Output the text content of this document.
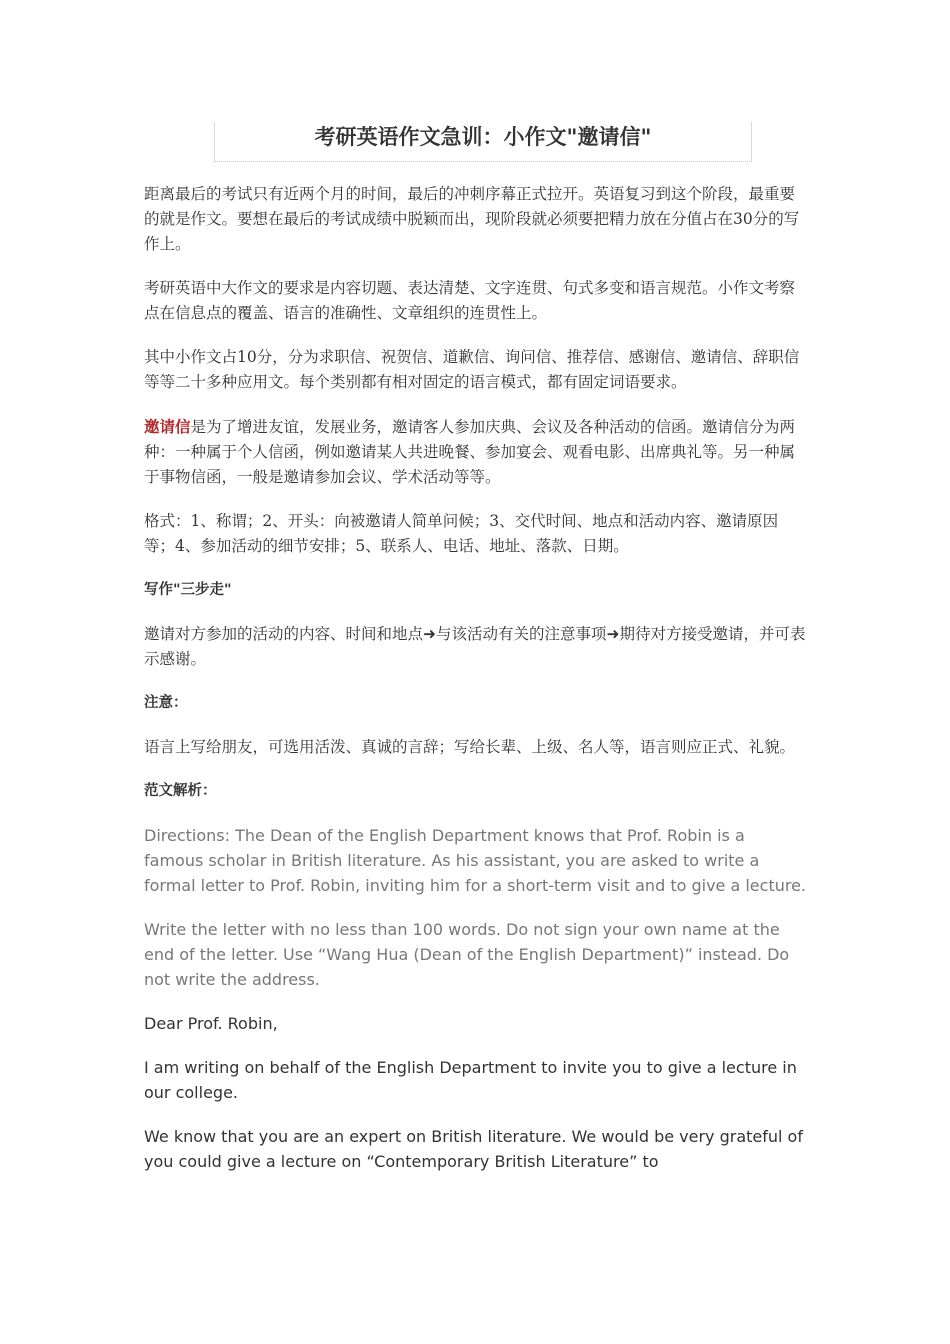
考研英语作文急训：小作文"邀请信"

距离最后的考试只有近两个月的时间，最后的冲刺序幕正式拉开。英语复习到这个阶段，最重要的就是作文。要想在最后的考试成绩中脱颖而出，现阶段就必须要把精力放在分值占在30分的写作上。

考研英语中大作文的要求是内容切题、表达清楚、文字连贯、句式多变和语言规范。小作文考察点在信息点的覆盖、语言的准确性、文章组织的连贯性上。

其中小作文占10分，分为求职信、祝贺信、道歉信、询问信、推荐信、感谢信、邀请信、辞职信等等二十多种应用文。每个类别都有相对固定的语言模式，都有固定词语要求。

邀请信是为了增进友谊，发展业务，邀请客人参加庆典、会议及各种活动的信函。邀请信分为两种：一种属于个人信函，例如邀请某人共进晚餐、参加宴会、观看电影、出席典礼等。另一种属于事物信函，一般是邀请参加会议、学术活动等等。

格式：1、称谓；2、开头：向被邀请人简单问候；3、交代时间、地点和活动内容、邀请原因等；4、参加活动的细节安排；5、联系人、电话、地址、落款、日期。

写作"三步走"

邀请对方参加的活动的内容、时间和地点➜与该活动有关的注意事项➜期待对方接受邀请，并可表示感谢。

注意：

语言上写给朋友，可选用活泼、真诚的言辞；写给长辈、上级、名人等，语言则应正式、礼貌。

范文解析：

Directions: The Dean of the English Department knows that Prof. Robin is a famous scholar in British literature. As his assistant, you are asked to write a formal letter to Prof. Robin, inviting him for a short-term visit and to give a lecture.

Write the letter with no less than 100 words. Do not sign your own name at the end of the letter. Use “Wang Hua (Dean of the English Department)” instead. Do not write the address.

Dear Prof. Robin,

I am writing on behalf of the English Department to invite you to give a lecture in our college.

We know that you are an expert on British literature. We would be very grateful of you could give a lecture on “Contemporary British Literature” to
